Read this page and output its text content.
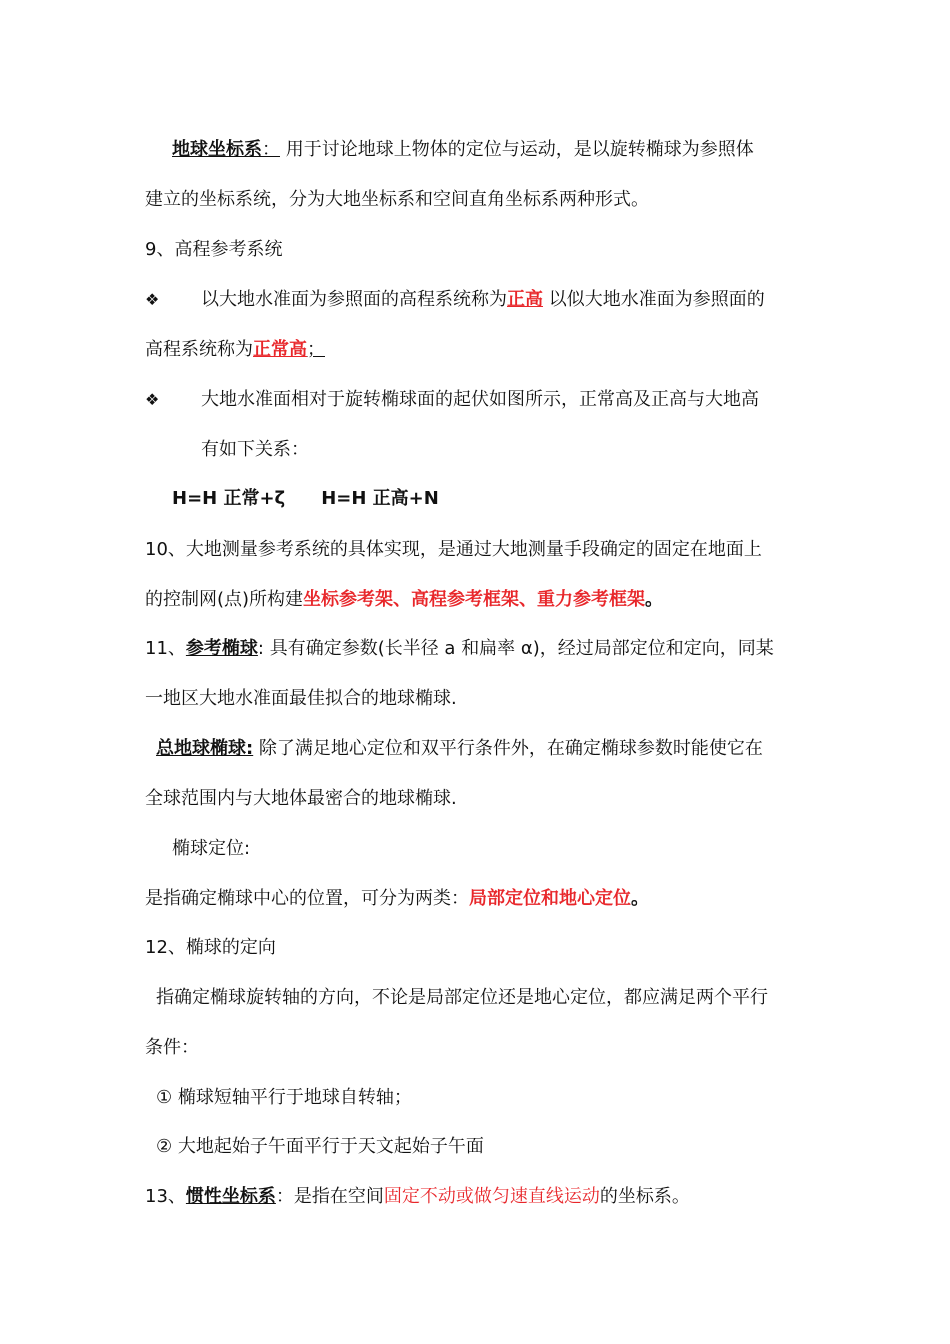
地球坐标系： 用于讨论地球上物体的定位与运动，是以旋转椭球为参照体
建立的坐标系统，分为大地坐标系和空间直角坐标系两种形式。
9、高程参考系统
❖ 以大地水准面为参照面的高程系统称为正高 以似大地水准面为参照面的
高程系统称为正常高；
❖ 大地水准面相对于旋转椭球面的起伏如图所示，正常高及正高与大地高
有如下关系：
H=H 正常+ζ H=H 正高+N
10、大地测量参考系统的具体实现，是通过大地测量手段确定的固定在地面上
的控制网(点)所构建坐标参考架、高程参考框架、重力参考框架。
11、参考椭球: 具有确定参数(长半径 a 和扁率 α)，经过局部定位和定向，同某
一地区大地水准面最佳拟合的地球椭球.
总地球椭球: 除了满足地心定位和双平行条件外，在确定椭球参数时能使它在
全球范围内与大地体最密合的地球椭球.
椭球定位:
是指确定椭球中心的位置，可分为两类：局部定位和地心定位。
12、椭球的定向
指确定椭球旋转轴的方向，不论是局部定位还是地心定位，都应满足两个平行
条件：
① 椭球短轴平行于地球自转轴；
② 大地起始子午面平行于天文起始子午面
13、惯性坐标系：是指在空间固定不动或做匀速直线运动的坐标系。
